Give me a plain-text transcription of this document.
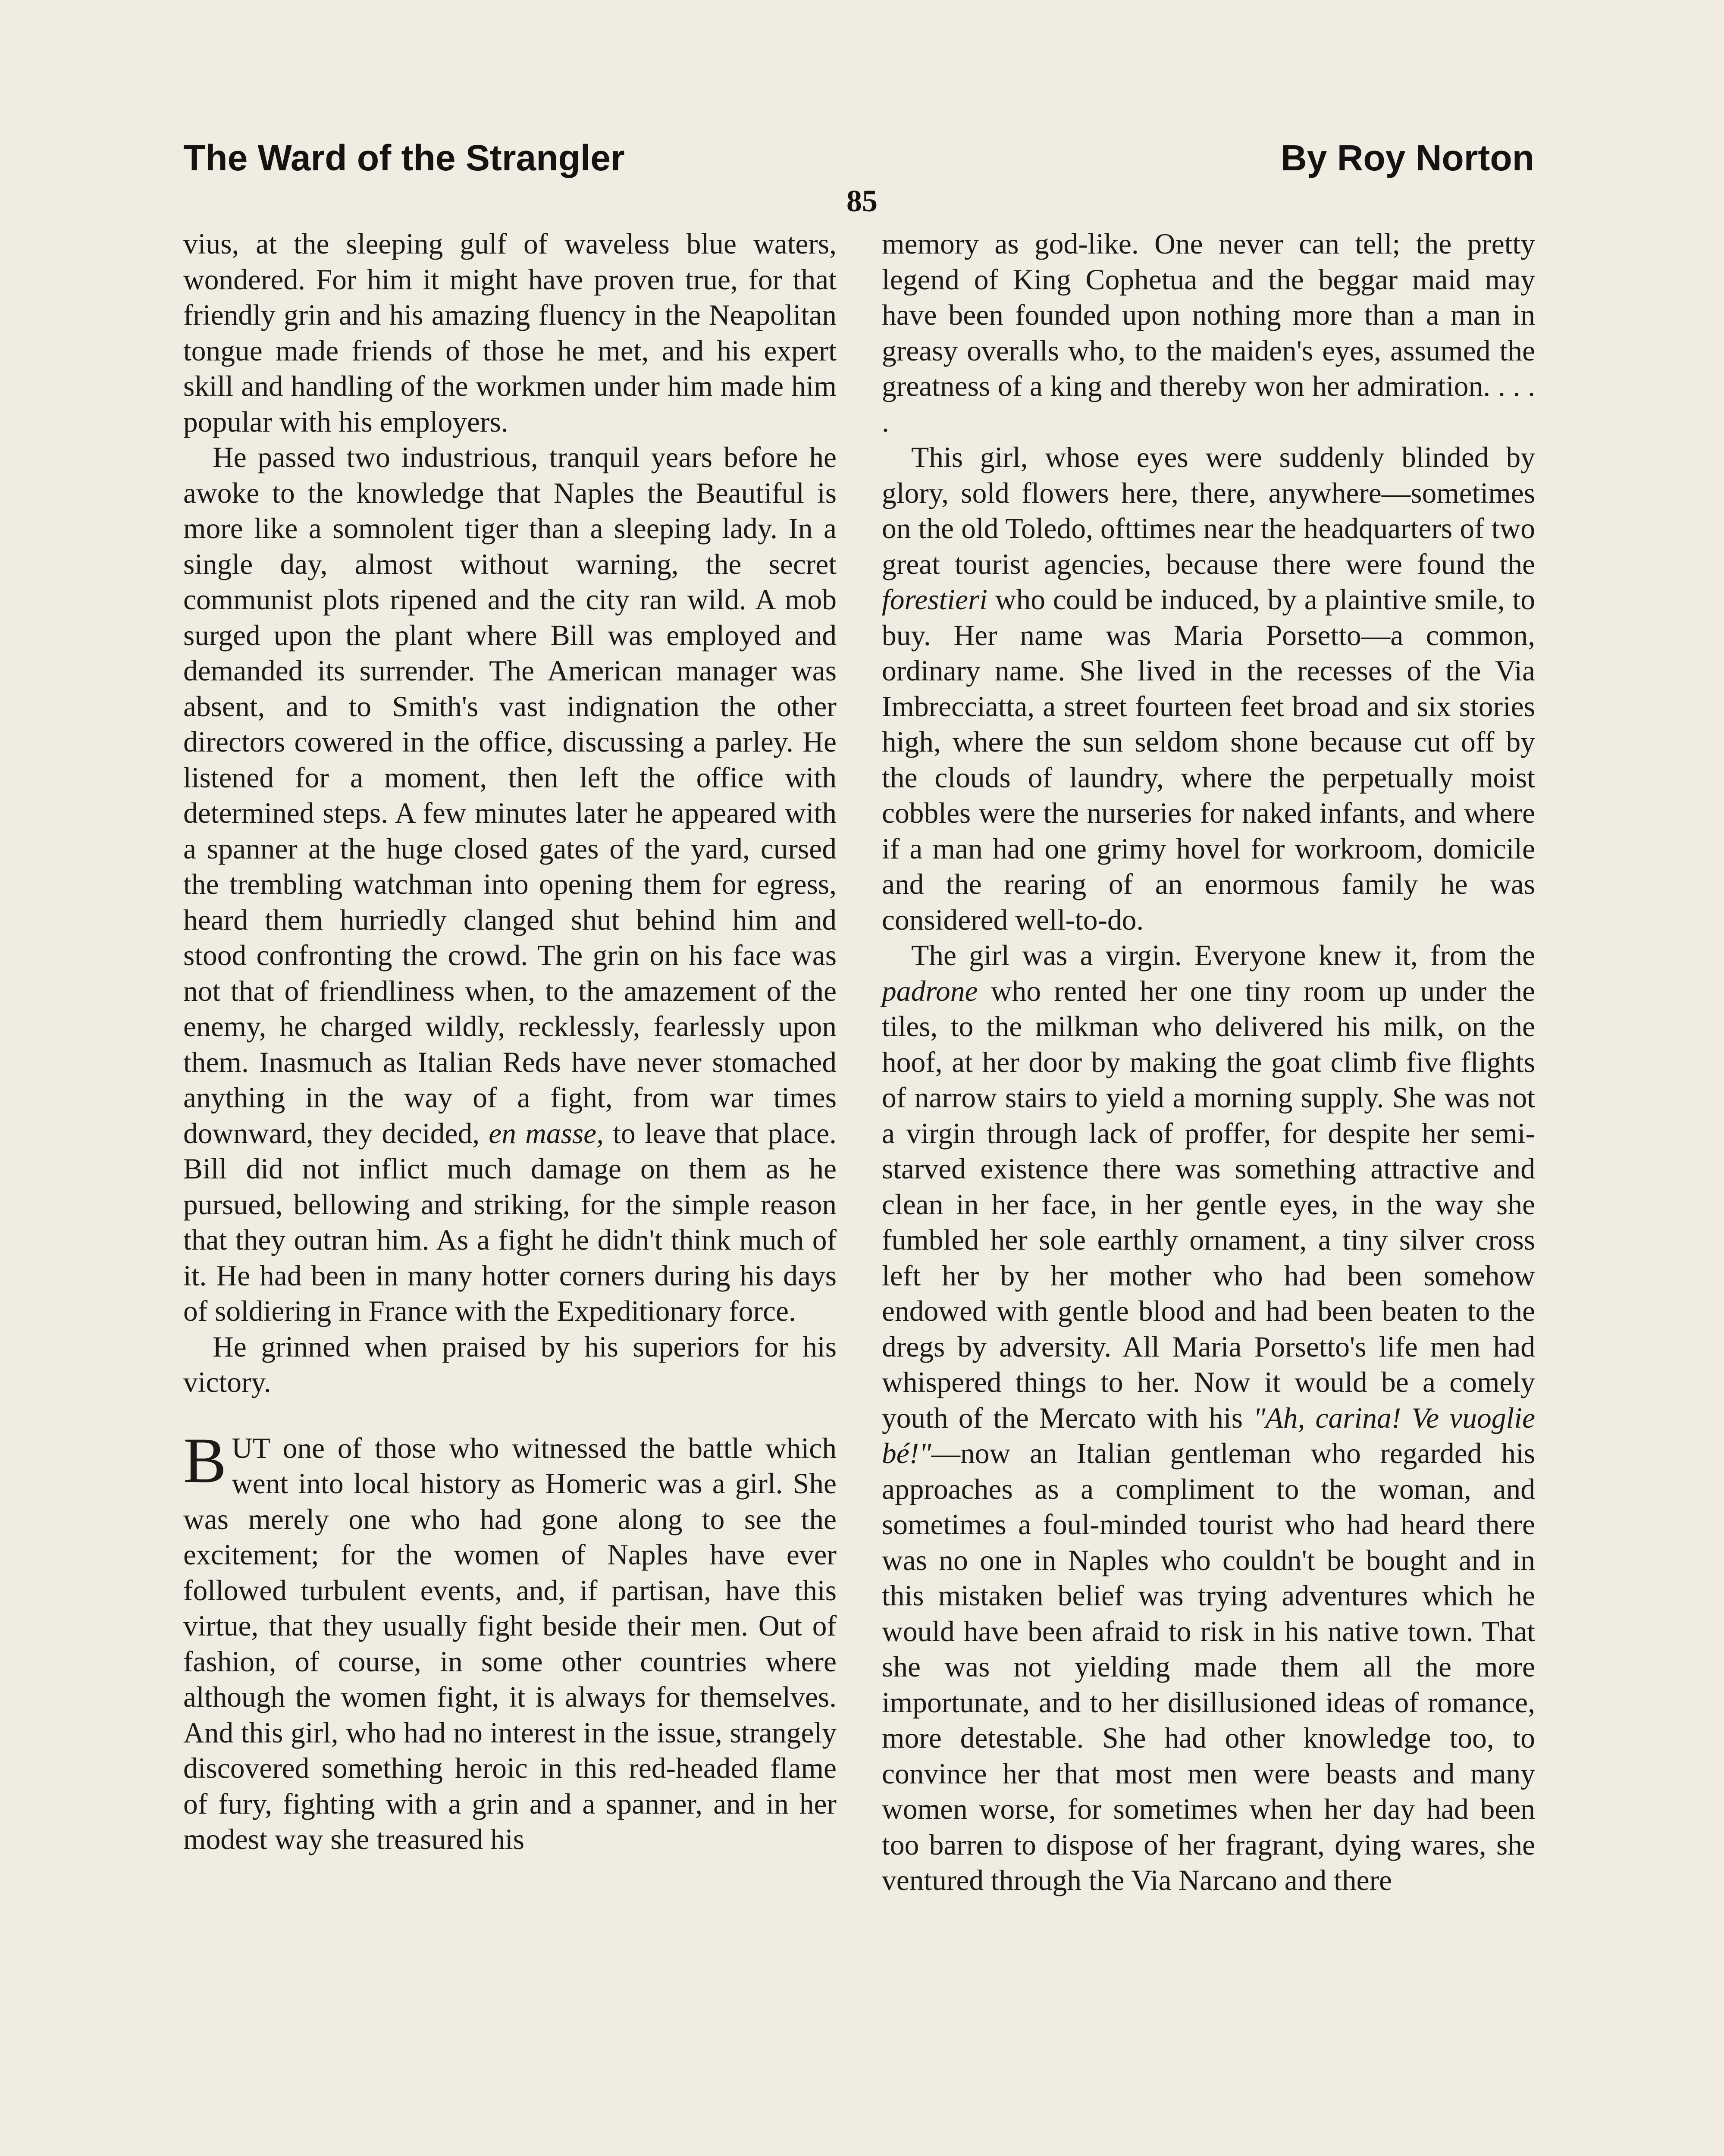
The Ward of the Strangler	By Roy Norton
85

vius, at the sleeping gulf of waveless blue waters, wondered. For him it might have proven true, for that friendly grin and his amazing fluency in the Neapolitan tongue made friends of those he met, and his expert skill and handling of the workmen under him made him popular with his employers.

He passed two industrious, tranquil years before he awoke to the knowledge that Naples the Beautiful is more like a somnolent tiger than a sleeping lady. In a single day, almost without warning, the secret communist plots ripened and the city ran wild. A mob surged upon the plant where Bill was employed and demanded its surrender. The American manager was absent, and to Smith's vast indignation the other directors cowered in the office, discussing a parley. He listened for a moment, then left the office with determined steps. A few minutes later he appeared with a spanner at the huge closed gates of the yard, cursed the trembling watchman into opening them for egress, heard them hurriedly clanged shut behind him and stood confronting the crowd. The grin on his face was not that of friendliness when, to the amazement of the enemy, he charged wildly, recklessly, fearlessly upon them. Inasmuch as Italian Reds have never stomached anything in the way of a fight, from war times downward, they decided, en masse, to leave that place. Bill did not inflict much damage on them as he pursued, bellowing and striking, for the simple reason that they outran him. As a fight he didn't think much of it. He had been in many hotter corners during his days of soldiering in France with the Expeditionary force.

He grinned when praised by his superiors for his victory.

BUT one of those who witnessed the battle which went into local history as Homeric was a girl. She was merely one who had gone along to see the excitement; for the women of Naples have ever followed turbulent events, and, if partisan, have this virtue, that they usually fight beside their men. Out of fashion, of course, in some other countries where although the women fight, it is always for themselves. And this girl, who had no interest in the issue, strangely discovered something heroic in this red-headed flame of fury, fighting with a grin and a spanner, and in her modest way she treasured his

memory as god-like. One never can tell; the pretty legend of King Cophetua and the beggar maid may have been founded upon nothing more than a man in greasy overalls who, to the maiden's eyes, assumed the greatness of a king and thereby won her admiration. . . . .

This girl, whose eyes were suddenly blinded by glory, sold flowers here, there, anywhere—sometimes on the old Toledo, ofttimes near the headquarters of two great tourist agencies, because there were found the forestieri who could be induced, by a plaintive smile, to buy. Her name was Maria Porsetto—a common, ordinary name. She lived in the recesses of the Via Imbrecciatta, a street fourteen feet broad and six stories high, where the sun seldom shone because cut off by the clouds of laundry, where the perpetually moist cobbles were the nurseries for naked infants, and where if a man had one grimy hovel for workroom, domicile and the rearing of an enormous family he was considered well-to-do.

The girl was a virgin. Everyone knew it, from the padrone who rented her one tiny room up under the tiles, to the milkman who delivered his milk, on the hoof, at her door by making the goat climb five flights of narrow stairs to yield a morning supply. She was not a virgin through lack of proffer, for despite her semi-starved existence there was something attractive and clean in her face, in her gentle eyes, in the way she fumbled her sole earthly ornament, a tiny silver cross left her by her mother who had been somehow endowed with gentle blood and had been beaten to the dregs by adversity. All Maria Porsetto's life men had whispered things to her. Now it would be a comely youth of the Mercato with his "Ah, carina! Ve vuoglie bé!"—now an Italian gentleman who regarded his approaches as a compliment to the woman, and sometimes a foul-minded tourist who had heard there was no one in Naples who couldn't be bought and in this mistaken belief was trying adventures which he would have been afraid to risk in his native town. That she was not yielding made them all the more importunate, and to her disillusioned ideas of romance, more detestable. She had other knowledge too, to convince her that most men were beasts and many women worse, for sometimes when her day had been too barren to dispose of her fragrant, dying wares, she ventured through the Via Narcano and there
